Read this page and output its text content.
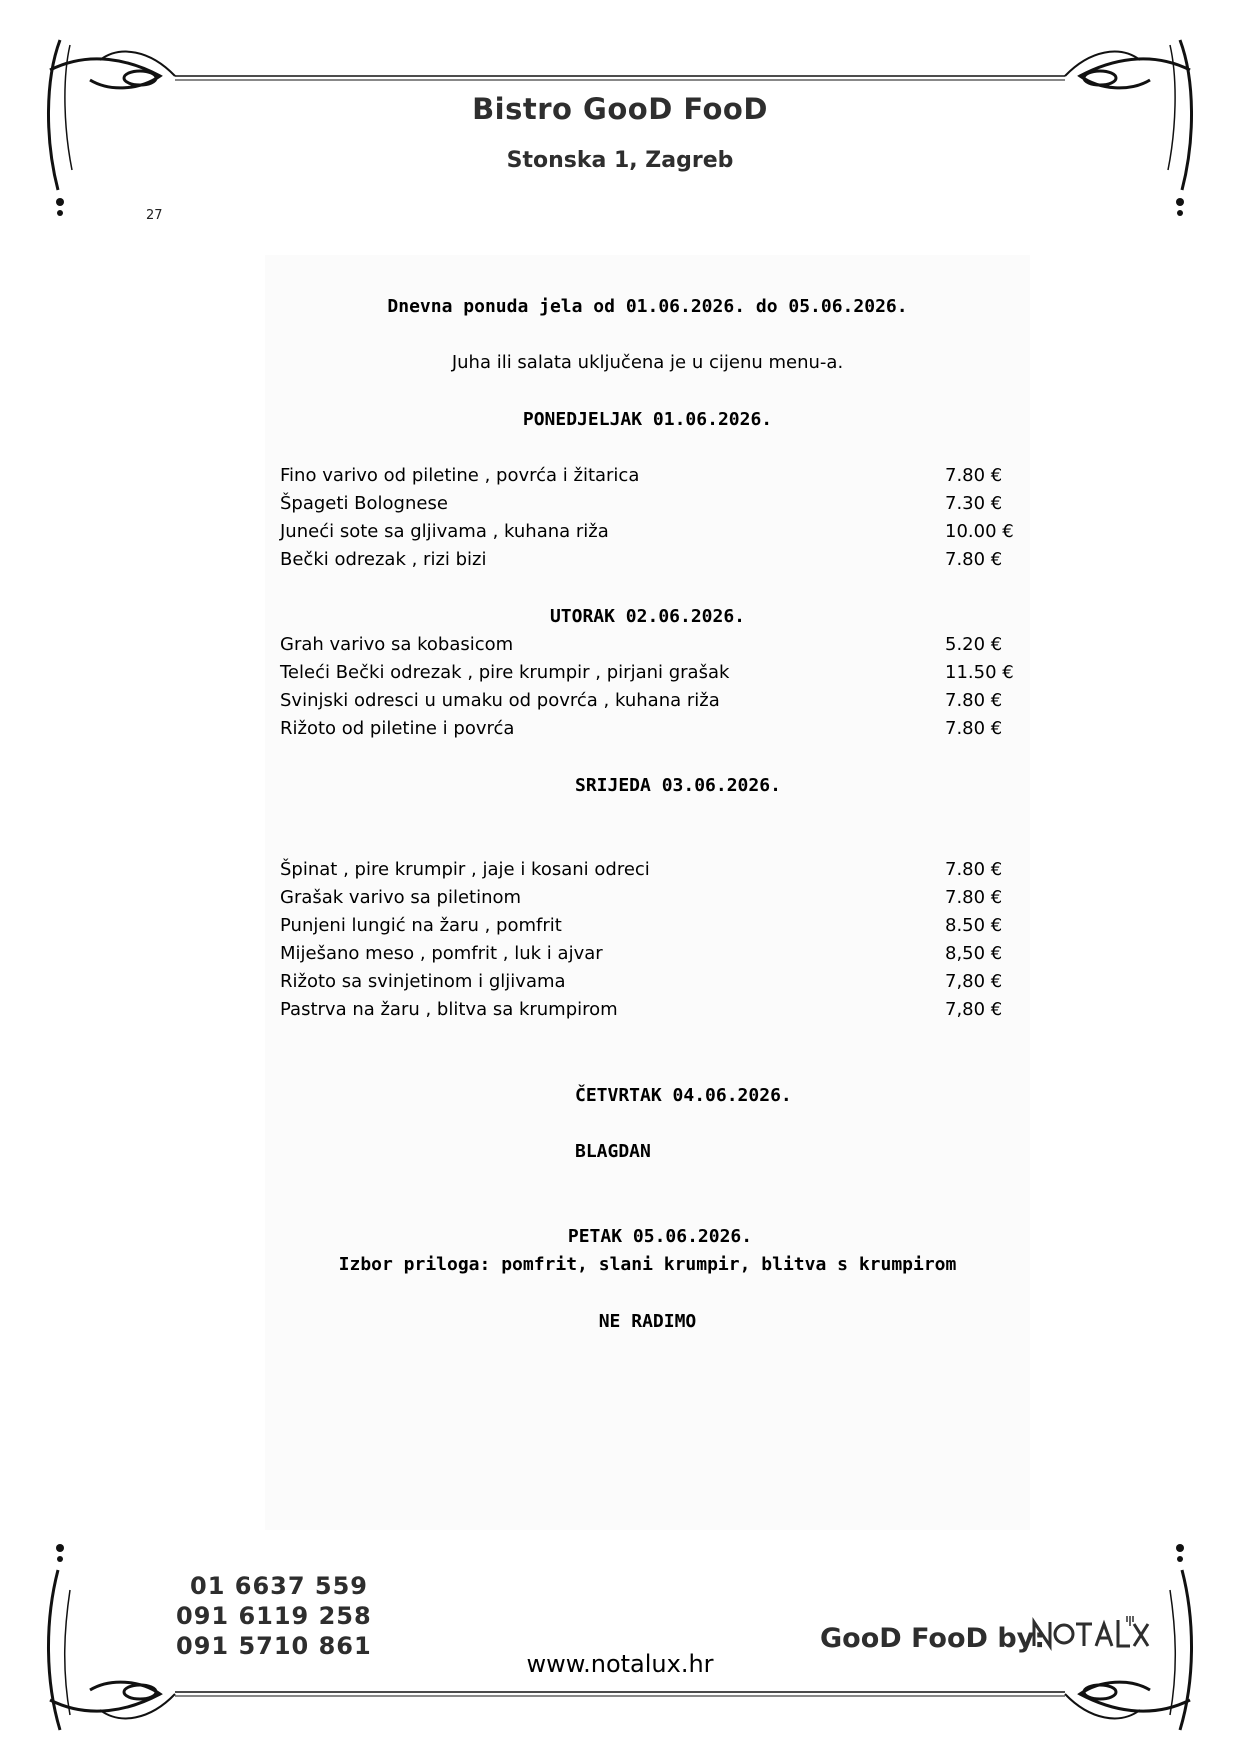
Bistro GooD FooD
Stonska 1, Zagreb
27
Dnevna ponuda jela od 01.06.2026. do 05.06.2026.
Juha ili salata uključena je u cijenu menu-a.
PONEDJELJAK 01.06.2026.
Fino varivo od piletine , povrća i žitarica	7.80 €
Špageti Bolognese	7.30 €
Juneći sote sa gljivama , kuhana riža	10.00 €
Bečki odrezak , rizi bizi	7.80 €
UTORAK 02.06.2026.
Grah varivo sa kobasicom	5.20 €
Teleći Bečki odrezak , pire krumpir , pirjani grašak	11.50 €
Svinjski odresci u umaku od povrća , kuhana riža	7.80 €
Rižoto od piletine i povrća	7.80 €
SRIJEDA 03.06.2026.
Špinat , pire krumpir , jaje i kosani odreci	7.80 €
Grašak varivo sa piletinom	7.80 €
Punjeni lungić na žaru , pomfrit	8.50 €
Miješano meso , pomfrit , luk i ajvar	8,50 €
Rižoto sa svinjetinom i gljivama	7,80 €
Pastrva na žaru , blitva sa krumpirom	7,80 €
ČETVRTAK 04.06.2026.
BLAGDAN
PETAK 05.06.2026.
Izbor priloga: pomfrit, slani krumpir, blitva s krumpirom
NE RADIMO
01 6637 559
091 6119 258
091 5710 861
www.notalux.hr
GooD FooD by:
